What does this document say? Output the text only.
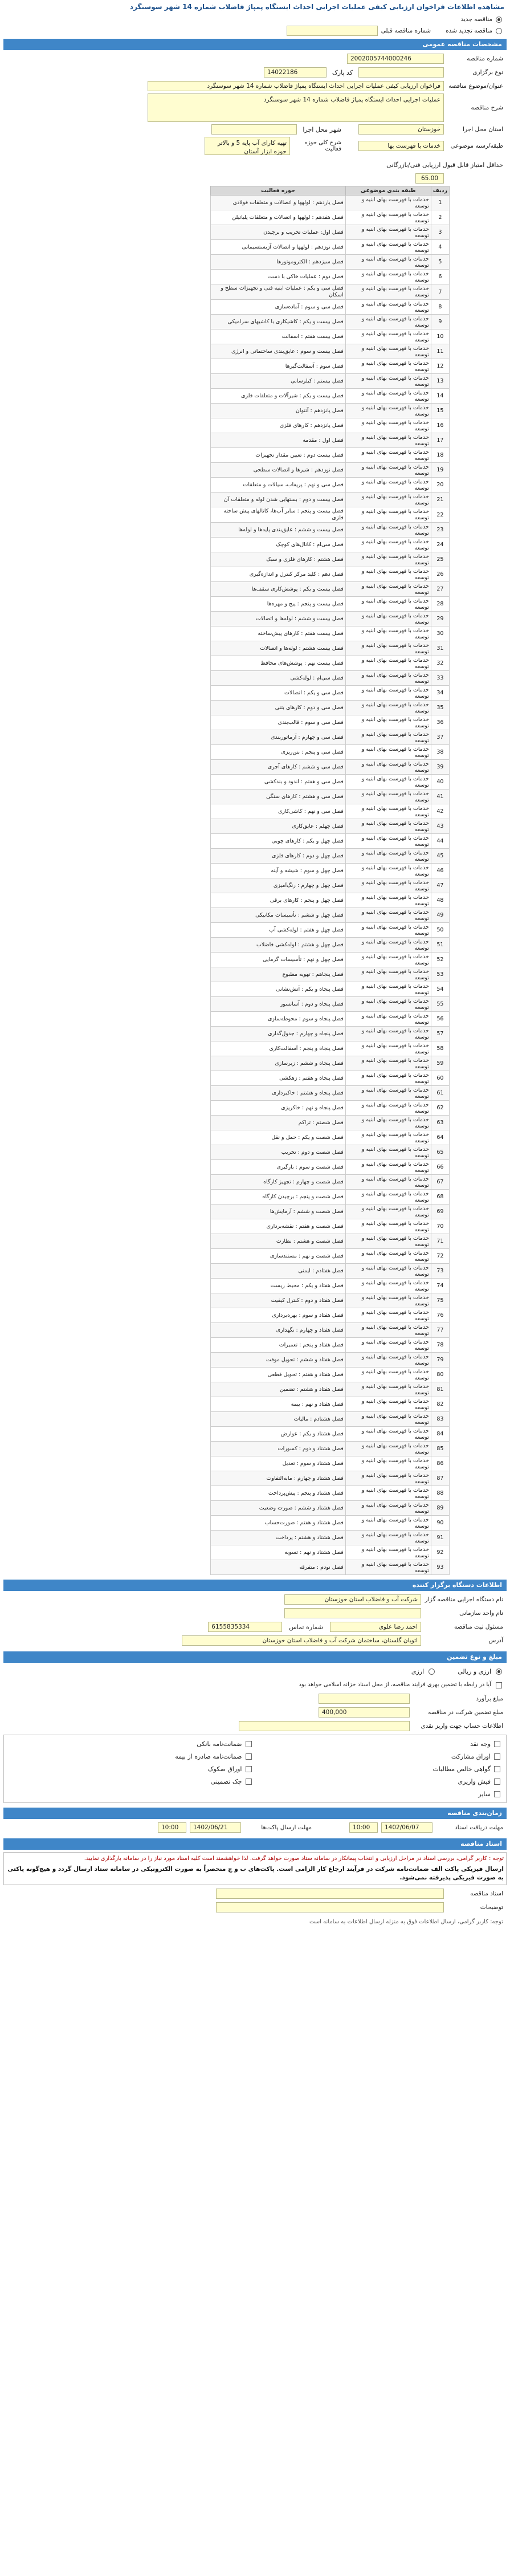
مشاهده اطلاعات فراخوان ارزیابی کیفی عملیات اجرایی احداث ایستگاه پمپاژ فاضلاب شماره 14 شهر سوسنگرد
مناقصه جدید
مناقصه تجدید شده
شماره مناقصه قبلی
مشخصات مناقصه عمومی
شماره مناقصه
2002005744000246
نوع برگزاری
کد پارک
14022186
عنوان/موضوع مناقصه
فراخوان ارزیابی کیفی عملیات اجرایی احداث ایستگاه پمپاژ فاضلاب شماره 14 شهر سوسنگرد
شرح مناقصه
عملیات اجرایی احداث ایستگاه پمپاژ فاضلاب شماره 14 شهر سوسنگرد
استان محل اجرا
خوزستان
شهر محل اجرا
طبقه/رسته موضوعی
خدمات با فهرست بها
شرح کلی حوزه فعالیت
تهیه کارای آب پایه 5 و بالاتر حوزه ابزار آستان
حداقل امتیاز قابل قبول ارزیابی فنی/بازرگانی
65.00
ردیف	طبقه بندی موضوعی	حوزه فعالیت
1	خدمات با فهرست بهای ابنیه و توسعه	فصل یازدهم : لولهها و اتصالات و متعلقات فولادی
2	خدمات با فهرست بهای ابنیه و توسعه	فصل هفدهم : لولهها و اتصالات و متعلقات پلیاتیلن
3	خدمات با فهرست بهای ابنیه و توسعه	فصل اول: عملیات تخریب و برچیدن
4	خدمات با فهرست بهای ابنیه و توسعه	فصل نوزدهم : لولهها و اتصالات آزبستسیمانی
5	خدمات با فهرست بهای ابنیه و توسعه	فصل سیزدهم : الکتروموتورها
6	خدمات با فهرست بهای ابنیه و توسعه	فصل دوم : عملیات خاکی با دست
7	خدمات با فهرست بهای ابنیه و توسعه	فصل سی و یکم : عملیات ابنیه فنی و تجهیزات سطح و اسکان
8	خدمات با فهرست بهای ابنیه و توسعه	فصل سی و سوم : آماده‌سازی
9	خدمات با فهرست بهای ابنیه و توسعه	فصل بیست و یکم : کاشیکاری با کاشیهای سرامیکی
10	خدمات با فهرست بهای ابنیه و توسعه	فصل بیست هفتم : اسفالت
11	خدمات با فهرست بهای ابنیه و توسعه	فصل بیست و سوم : عایق‌بندی ساختمانی و انرژی
12	خدمات با فهرست بهای ابنیه و توسعه	فصل سوم : آسفالت‌گیرها
13	خدمات با فهرست بهای ابنیه و توسعه	فصل بیستم : کیلرسانی
14	خدمات با فهرست بهای ابنیه و توسعه	فصل بیست و یکم : شیرآلات و متعلقات فلزی
15	خدمات با فهرست بهای ابنیه و توسعه	فصل پانزدهم : آنتوان
16	خدمات با فهرست بهای ابنیه و توسعه	فصل پانزدهم : کارهای فلزی
17	خدمات با فهرست بهای ابنیه و توسعه	فصل اول : مقدمه
18	خدمات با فهرست بهای ابنیه و توسعه	فصل بیست دوم : تعیین مقدار تجهیزات
19	خدمات با فهرست بهای ابنیه و توسعه	فصل نوزدهم : شیرها و اتصالات سطحی
20	خدمات با فهرست بهای ابنیه و توسعه	فصل سی و نهم : پریفاب، سیالات و متعلقات
21	خدمات با فهرست بهای ابنیه و توسعه	فصل بیست و دوم : بستهایی شدن لوله و متعلقات آن
22	خدمات با فهرست بهای ابنیه و توسعه	فصل بیست و پنجم : سایر آب‌ها، کانالهای پیش ساخته فلزی
23	خدمات با فهرست بهای ابنیه و توسعه	فصل بیست و ششم : عایق‌بندی پایه‌ها و لوله‌ها
24	خدمات با فهرست بهای ابنیه و توسعه	فصل سی‌ام : کانال‌های کوچک
25	خدمات با فهرست بهای ابنیه و توسعه	فصل هشتم : کارهای فلزی و سبک
26	خدمات با فهرست بهای ابنیه و توسعه	فصل دهم : کلید مرکز کنترل و اندازه‌گیری
27	خدمات با فهرست بهای ابنیه و توسعه	فصل بیست و یکم : پوشش‌کاری سقف‌ها
28	خدمات با فهرست بهای ابنیه و توسعه	فصل بیست و پنجم : پیچ و مهره‌ها
29	خدمات با فهرست بهای ابنیه و توسعه	فصل بیست و ششم : لوله‌ها و اتصالات
30	خدمات با فهرست بهای ابنیه و توسعه	فصل بیست هفتم : کارهای پیش‌ساخته
31	خدمات با فهرست بهای ابنیه و توسعه	فصل بیست هشتم : لوله‌ها و اتصالات
32	خدمات با فهرست بهای ابنیه و توسعه	فصل بیست نهم : پوشش‌های محافظ
33	خدمات با فهرست بهای ابنیه و توسعه	فصل سی‌ام : لوله‌کشی
34	خدمات با فهرست بهای ابنیه و توسعه	فصل سی و یکم : اتصالات
35	خدمات با فهرست بهای ابنیه و توسعه	فصل سی و دوم : کارهای بتنی
36	خدمات با فهرست بهای ابنیه و توسعه	فصل سی و سوم : قالب‌بندی
37	خدمات با فهرست بهای ابنیه و توسعه	فصل سی و چهارم : آرماتوربندی
38	خدمات با فهرست بهای ابنیه و توسعه	فصل سی و پنجم : بتن‌ریزی
39	خدمات با فهرست بهای ابنیه و توسعه	فصل سی و ششم : کارهای آجری
40	خدمات با فهرست بهای ابنیه و توسعه	فصل سی و هفتم : اندود و بندکشی
41	خدمات با فهرست بهای ابنیه و توسعه	فصل سی و هشتم : کارهای سنگی
42	خدمات با فهرست بهای ابنیه و توسعه	فصل سی و نهم : کاشی‌کاری
43	خدمات با فهرست بهای ابنیه و توسعه	فصل چهلم : عایق‌کاری
44	خدمات با فهرست بهای ابنیه و توسعه	فصل چهل و یکم : کارهای چوبی
45	خدمات با فهرست بهای ابنیه و توسعه	فصل چهل و دوم : کارهای فلزی
46	خدمات با فهرست بهای ابنیه و توسعه	فصل چهل و سوم : شیشه و آینه
47	خدمات با فهرست بهای ابنیه و توسعه	فصل چهل و چهارم : رنگ‌آمیزی
48	خدمات با فهرست بهای ابنیه و توسعه	فصل چهل و پنجم : کارهای برقی
49	خدمات با فهرست بهای ابنیه و توسعه	فصل چهل و ششم : تأسیسات مکانیکی
50	خدمات با فهرست بهای ابنیه و توسعه	فصل چهل و هفتم : لوله‌کشی آب
51	خدمات با فهرست بهای ابنیه و توسعه	فصل چهل و هشتم : لوله‌کشی فاضلاب
52	خدمات با فهرست بهای ابنیه و توسعه	فصل چهل و نهم : تأسیسات گرمایی
53	خدمات با فهرست بهای ابنیه و توسعه	فصل پنجاهم : تهویه مطبوع
54	خدمات با فهرست بهای ابنیه و توسعه	فصل پنجاه و یکم : آتش‌نشانی
55	خدمات با فهرست بهای ابنیه و توسعه	فصل پنجاه و دوم : آسانسور
56	خدمات با فهرست بهای ابنیه و توسعه	فصل پنجاه و سوم : محوطه‌سازی
57	خدمات با فهرست بهای ابنیه و توسعه	فصل پنجاه و چهارم : جدول‌گذاری
58	خدمات با فهرست بهای ابنیه و توسعه	فصل پنجاه و پنجم : آسفالت‌کاری
59	خدمات با فهرست بهای ابنیه و توسعه	فصل پنجاه و ششم : زیرسازی
60	خدمات با فهرست بهای ابنیه و توسعه	فصل پنجاه و هفتم : زهکشی
61	خدمات با فهرست بهای ابنیه و توسعه	فصل پنجاه و هشتم : خاکبرداری
62	خدمات با فهرست بهای ابنیه و توسعه	فصل پنجاه و نهم : خاکریزی
63	خدمات با فهرست بهای ابنیه و توسعه	فصل شصتم : تراکم
64	خدمات با فهرست بهای ابنیه و توسعه	فصل شصت و یکم : حمل و نقل
65	خدمات با فهرست بهای ابنیه و توسعه	فصل شصت و دوم : تخریب
66	خدمات با فهرست بهای ابنیه و توسعه	فصل شصت و سوم : بارگیری
67	خدمات با فهرست بهای ابنیه و توسعه	فصل شصت و چهارم : تجهیز کارگاه
68	خدمات با فهرست بهای ابنیه و توسعه	فصل شصت و پنجم : برچیدن کارگاه
69	خدمات با فهرست بهای ابنیه و توسعه	فصل شصت و ششم : آزمایش‌ها
70	خدمات با فهرست بهای ابنیه و توسعه	فصل شصت و هفتم : نقشه‌برداری
71	خدمات با فهرست بهای ابنیه و توسعه	فصل شصت و هشتم : نظارت
72	خدمات با فهرست بهای ابنیه و توسعه	فصل شصت و نهم : مستندسازی
73	خدمات با فهرست بهای ابنیه و توسعه	فصل هفتادم : ایمنی
74	خدمات با فهرست بهای ابنیه و توسعه	فصل هفتاد و یکم : محیط زیست
75	خدمات با فهرست بهای ابنیه و توسعه	فصل هفتاد و دوم : کنترل کیفیت
76	خدمات با فهرست بهای ابنیه و توسعه	فصل هفتاد و سوم : بهره‌برداری
77	خدمات با فهرست بهای ابنیه و توسعه	فصل هفتاد و چهارم : نگهداری
78	خدمات با فهرست بهای ابنیه و توسعه	فصل هفتاد و پنجم : تعمیرات
79	خدمات با فهرست بهای ابنیه و توسعه	فصل هفتاد و ششم : تحویل موقت
80	خدمات با فهرست بهای ابنیه و توسعه	فصل هفتاد و هفتم : تحویل قطعی
81	خدمات با فهرست بهای ابنیه و توسعه	فصل هفتاد و هشتم : تضمین
82	خدمات با فهرست بهای ابنیه و توسعه	فصل هفتاد و نهم : بیمه
83	خدمات با فهرست بهای ابنیه و توسعه	فصل هشتادم : مالیات
84	خدمات با فهرست بهای ابنیه و توسعه	فصل هشتاد و یکم : عوارض
85	خدمات با فهرست بهای ابنیه و توسعه	فصل هشتاد و دوم : کسورات
86	خدمات با فهرست بهای ابنیه و توسعه	فصل هشتاد و سوم : تعدیل
87	خدمات با فهرست بهای ابنیه و توسعه	فصل هشتاد و چهارم : مابه‌التفاوت
88	خدمات با فهرست بهای ابنیه و توسعه	فصل هشتاد و پنجم : پیش‌پرداخت
89	خدمات با فهرست بهای ابنیه و توسعه	فصل هشتاد و ششم : صورت وضعیت
90	خدمات با فهرست بهای ابنیه و توسعه	فصل هشتاد و هفتم : صورت‌حساب
91	خدمات با فهرست بهای ابنیه و توسعه	فصل هشتاد و هشتم : پرداخت
92	خدمات با فهرست بهای ابنیه و توسعه	فصل هشتاد و نهم : تسویه
93	خدمات با فهرست بهای ابنیه و توسعه	فصل نودم : متفرقه
اطلاعات دستگاه برگزار کننده
نام دستگاه اجرایی مناقصه گزار
شرکت آب و فاضلاب استان خوزستان
نام واحد سازمانی
مسئول ثبت مناقصه
احمد رضا علوی
شماره تماس
6155835334
آدرس
اتوبان گلستان، ساختمان شرکت آب و فاضلاب استان خوزستان
مبلغ و نوع تضمین
ارزی و ریالی
ارزی
آیا در رابطه با تضمین بهری فرایند مناقصه، از محل اسناد خزانه اسلامی خواهد بود
مبلغ برآورد
مبلغ تضمین شرکت در مناقصه
400,000
اطلاعات حساب جهت واریز نقدی
وجه نقد
ضمانت‌نامه بانکی
اوراق مشارکت
ضمانت‌نامه صادره از بیمه
گواهی خالص مطالبات
اوراق صکوک
فیش واریزی
چک تضمینی
سایر
زمان‌بندی مناقصه
مهلت دریافت اسناد
1402/06/07
10:00
مهلت ارسال پاکت‌ها
1402/06/21
10:00
اسناد مناقصه
توجه : کاربر گرامی، بررسی اسناد در مراحل ارزیابی و انتخاب پیمانکار در سامانه ستاد صورت خواهد گرفت. لذا خواهشمند است کلیه اسناد مورد نیاز را در سامانه بارگذاری نمایید.
ارسال فیزیکی پاکت الف ضمانت‌نامه شرکت در فرآیند ارجاع کار الزامی است. پاکت‌های ب و ج منحصراً به صورت الکترونیکی در سامانه ستاد ارسال گردد و هیچ‌گونه پاکتی به صورت فیزیکی پذیرفته نمی‌شود.
اسناد مناقصه
توضیحات
توجه: کاربر گرامی، ارسال اطلاعات فوق به منزله ارسال اطلاعات به سامانه است
